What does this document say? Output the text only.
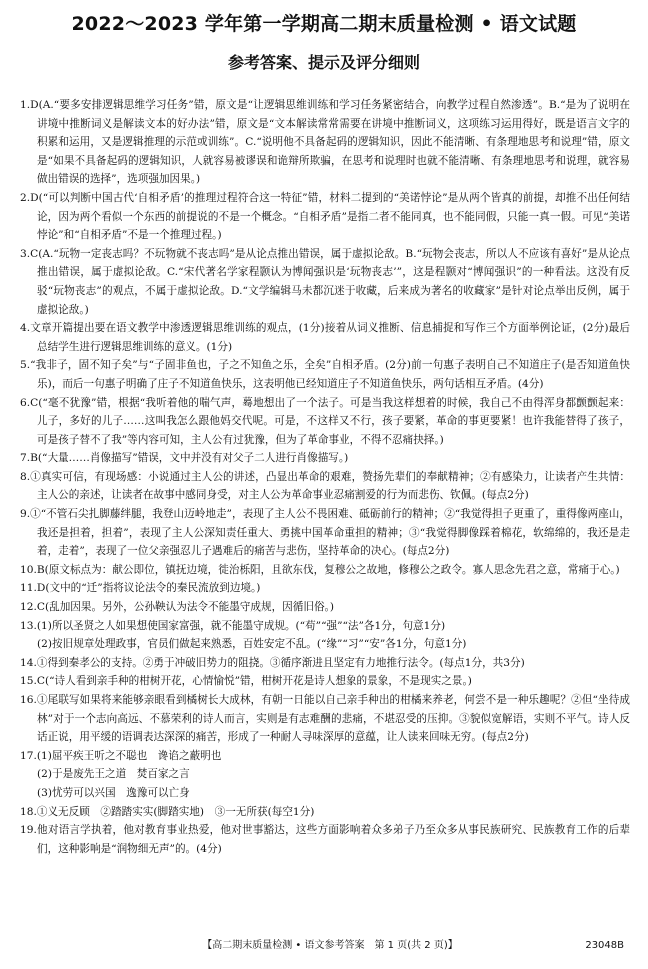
2022～2023 学年第一学期高二期末质量检测 • 语文试题
参考答案、提示及评分细则

1.D(A.“要多安排逻辑思维学习任务”错，原文是“让逻辑思维训练和学习任务紧密结合，向教学过程自然渗透”。B.“是为了说明在讲境中推断词义是解读文本的好办法”错，原文是“文本解读常常需要在讲境中推断词义，这项练习运用得好，既是语言文字的积累和运用，又是逻辑推理的示范或训练”。C.“说明他不具备起码的逻辑知识，因此不能清晰、有条理地思考和说理”错，原文是“如果不具备起码的逻辑知识，人就容易被谬误和诡辩所欺骗，在思考和说理时也就不能清晰、有条理地思考和说理，就容易做出错误的选择”，选项强加因果。)

2.D(“可以判断中国古代‘自相矛盾’的推理过程符合这一特征”错，材料二提到的“美诺悖论”是从两个皆真的前提，却推不出任何结论，因为两个看似一个东西的前提说的不是一个概念。“自相矛盾”是指二者不能同真，也不能同假，只能一真一假。可见“美诺悖论”和“自相矛盾”不是一个推理过程。)

3.C(A.“玩物一定丧志吗？不玩物就不丧志吗”是从论点推出错误，属于虚拟论敌。B.“玩物会丧志，所以人不应该有喜好”是从论点推出错误，属于虚拟论敌。C.“宋代著名学家程颢认为博闻强识是‘玩物丧志’”，这是程颢对“博闻强识”的一种看法。这没有反驳“玩物丧志”的观点，不属于虚拟论敌。D.“文学编辑马未都沉迷于收藏，后来成为著名的收藏家”是针对论点举出反例，属于虚拟论敌。)

4.文章开篇提出要在语文教学中渗透逻辑思维训练的观点，(1分)接着从词义推断、信息捕捉和写作三个方面举例论证，(2分)最后总结学生进行逻辑思维训练的意义。(1分)

5.“我非子，固不知子矣”与“子固非鱼也，子之不知鱼之乐，全矣”自相矛盾。(2分)前一句惠子表明自己不知道庄子(是否知道鱼快乐)，而后一句惠子明确了庄子不知道鱼快乐，这表明他已经知道庄子不知道鱼快乐，两句话相互矛盾。(4分)

6.C(“毫不犹豫”错，根据“我听着他的喘气声，蓦地想出了一个法子。可是当我这样想着的时候，我自己不由得浑身都颤颤起来：儿子，多好的儿子……这叫我怎么跟他妈交代呢。可是，不这样又不行，孩子要紧，革命的事更要紧！也许我能替得了孩子，可是孩子替不了我”等内容可知，主人公有过犹豫，但为了革命事业，不得不忍痛抉择。)

7.B(“大量……肖像描写”错误，文中并没有对父子二人进行肖像描写。)

8.①真实可信，有现场感：小说通过主人公的讲述，凸显出革命的艰难，赞扬先辈们的奉献精神；②有感染力，让读者产生共情：主人公的亲述，让读者在故事中感同身受，对主人公为革命事业忍痛割爱的行为而悲伤、钦佩。(每点2分)

9.①“不管石尖扎脚藤绊腿，我登山迈岭地走”，表现了主人公不畏困难、砥砺前行的精神；②“我觉得担子更重了，重得像两座山，我还是担着，担着”，表现了主人公深知责任重大、勇挑中国革命重担的精神；③“我觉得脚像踩着棉花，软绵绵的，我还是走着，走着”，表现了一位父亲强忍儿子遇难后的痛苦与悲伤，坚持革命的决心。(每点2分)

10.B(原文标点为：献公即位，镇抚边境，徙治栎阳，且欲东伐，复穆公之故地，修穆公之政令。寡人思念先君之意，常痛于心。)

11.D(文中的“迁”指将议论法令的秦民流放到边境。)

12.C(乱加因果。另外，公孙鞅认为法令不能墨守成规，因循旧俗。)

13.(1)所以圣贤之人如果想使国家富强，就不能墨守成规。(“苟”“强”“法”各1分，句意1分)

(2)按旧规章处理政事，官员们做起来熟悉，百姓安定不乱。(“缘”“习”“安”各1分，句意1分)

14.①得到秦孝公的支持。②勇于冲破旧势力的阻挠。③循序渐进且坚定有力地推行法令。(每点1分，共3分)

15.C(“诗人看到亲手种的柑树开花，心情愉悦”错，柑树开花是诗人想象的景象，不是现实之景。)

16.①尾联写如果将来能够亲眼看到橘树长大成林，有朝一日能以自己亲手种出的柑橘来养老，何尝不是一种乐趣呢？②但“坐待成林”对于一个志向高远、不慕荣利的诗人而言，实则是有志难酬的悲痛，不堪忍受的压抑。③貌似宽解语，实则不平气。诗人反话正说，用平缓的语调表达深深的痛苦，形成了一种耐人寻味深厚的意蕴，让人读来回味无穷。(每点2分)

17.(1)屈平疾王听之不聪也　谗谄之蔽明也

(2)于是废先王之道　焚百家之言

(3)忧劳可以兴国　逸豫可以亡身

18.①义无反顾　②踏踏实实(脚踏实地)　③一无所获(每空1分)

19.他对语言学执着，他对教育事业热爱，他对世事豁达，这些方面影响着众多弟子乃至众多从事民族研究、民族教育工作的后辈们，这种影响是“润物细无声”的。(4分)

【高二期末质量检测 • 语文参考答案　第 1 页(共 2 页)】	23048B
